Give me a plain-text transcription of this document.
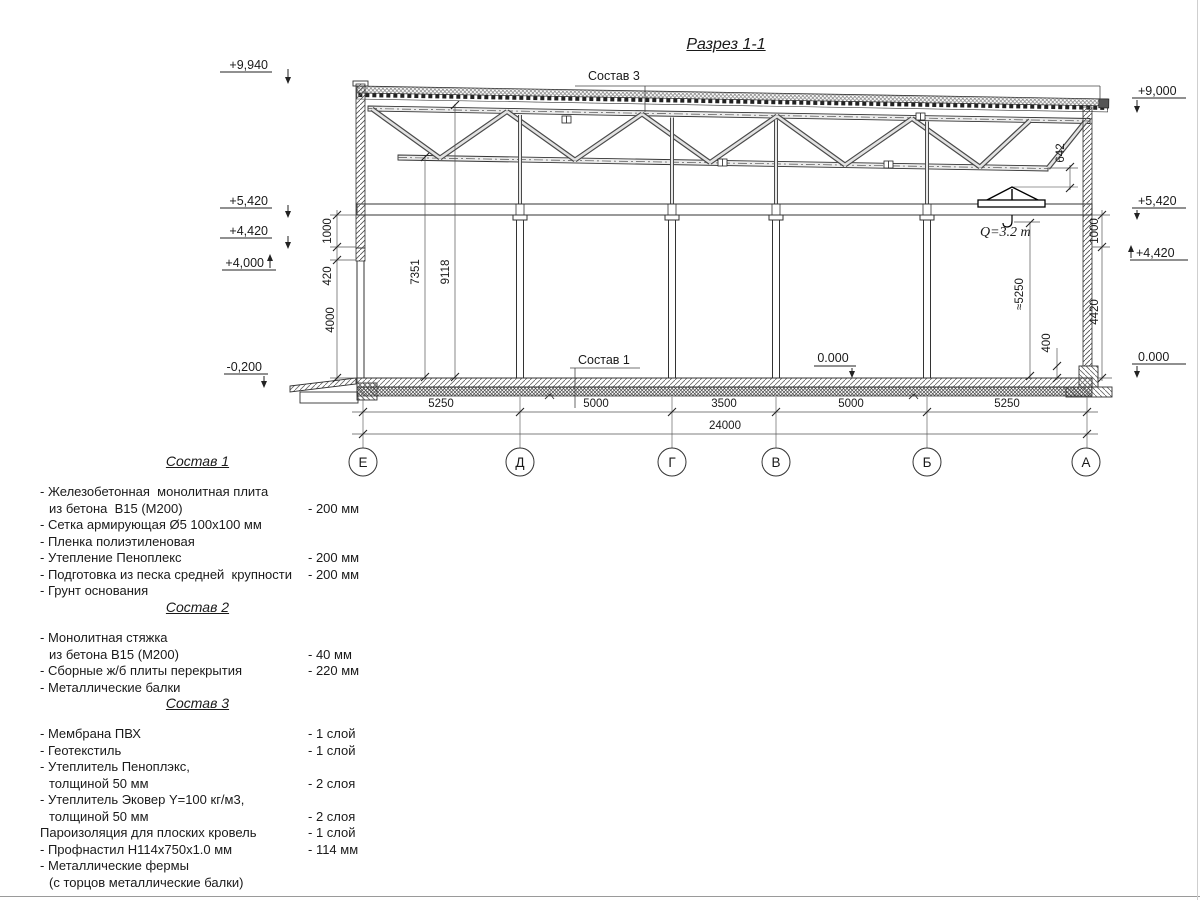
Разрез 1-1
Q=3.2 т
Состав 3
Состав 1
1000
420
4000
7351 9118
1000
4420
642
≈5250
400
5250	5000	3500	5000	5250
24000
Е	Д	Г	В	Б	А
+9,940
+5,420
+4,420
+4,000
-0,200
+9,000
+5,420
+4,420
0.000
0.000
Состав 1
- Железобетонная  монолитная плита
из бетона  В15 (М200)	- 200 мм
- Сетка армирующая Ø5 100х100 мм
- Пленка полиэтиленовая
- Утепление Пеноплекс	- 200 мм
- Подготовка из песка средней  крупности - 200 мм
- Грунт основания
Состав 2
- Монолитная стяжка
из бетона В15 (М200)	- 40 мм
- Сборные ж/б плиты перекрытия	- 220 мм
- Металлические балки
Состав 3
- Мембрана ПВХ	- 1 слой
- Геотекстиль	- 1 слой
- Утеплитель Пеноплэкс,
толщиной 50 мм	- 2 слоя
- Утеплитель Эковер Y=100 кг/м3,
толщиной 50 мм	- 2 слоя
Пароизоляция для плоских кровель	- 1 слой
- Профнастил Н114х750х1.0 мм	- 114 мм
- Металлические фермы
(с торцов металлические балки)
